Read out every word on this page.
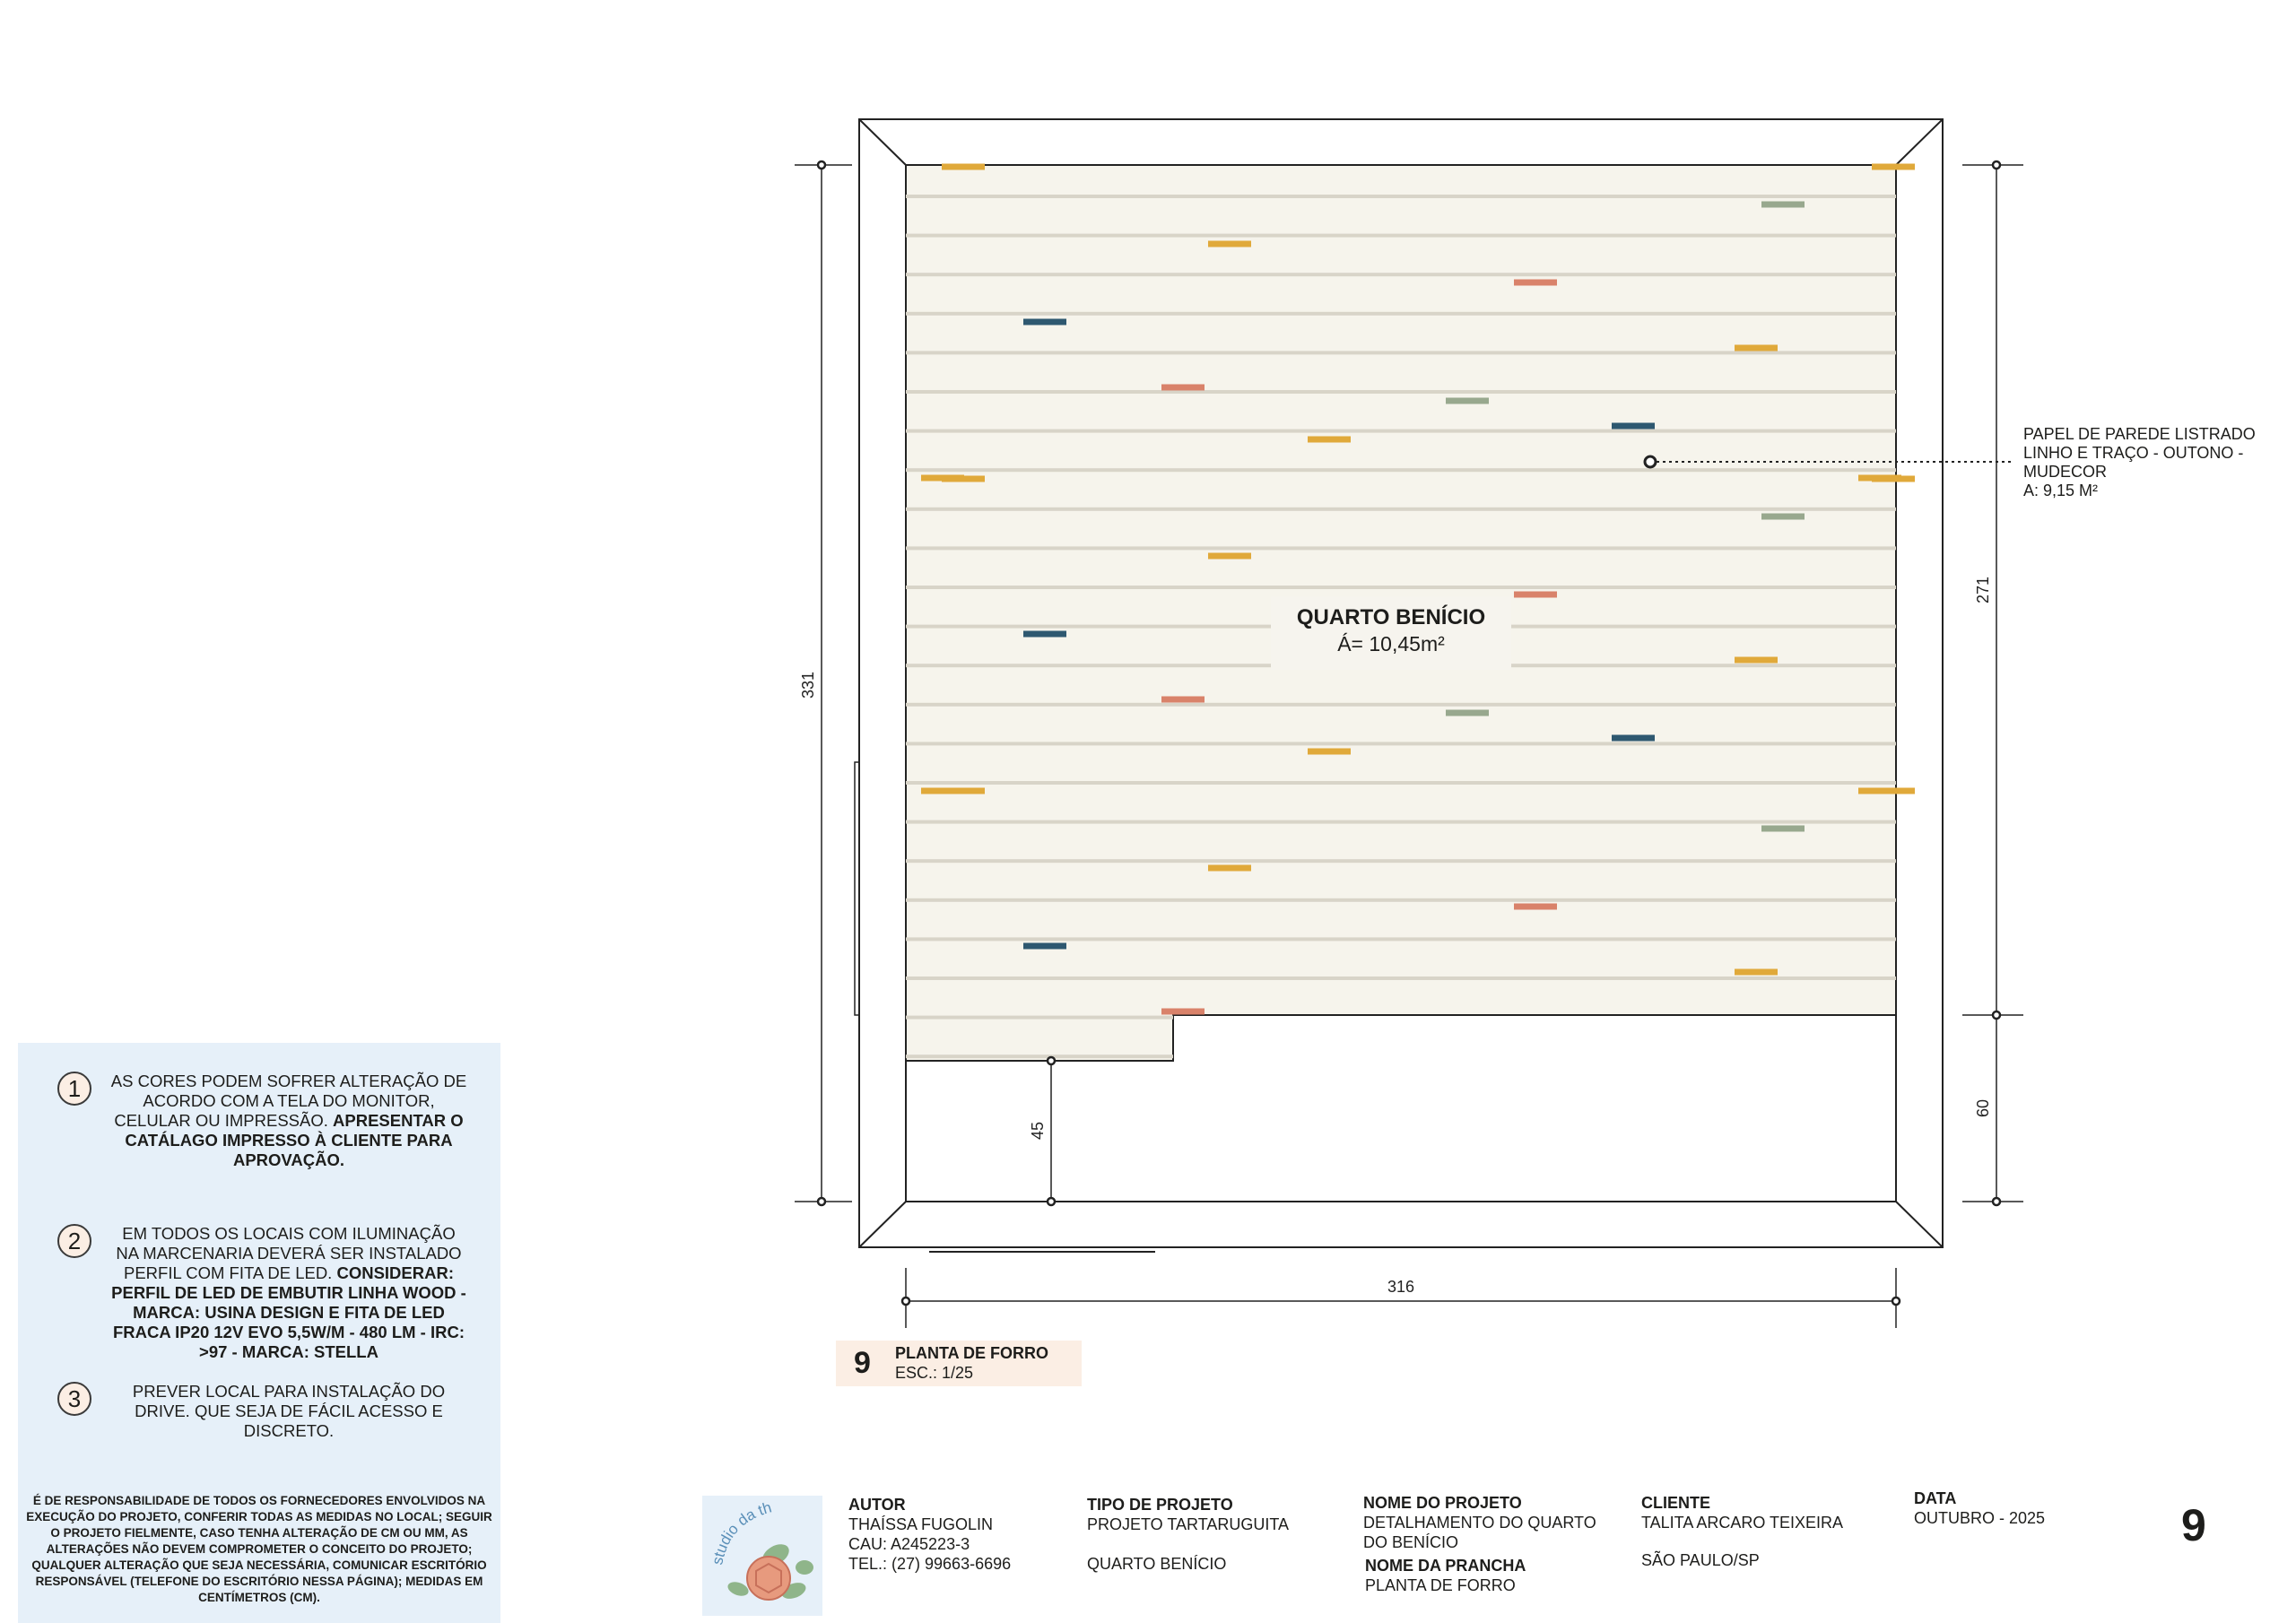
331
271
60
316
45
QUARTO BENÍCIO
Á= 10,45m²
PAPEL DE PAREDE LISTRADO
LINHO E TRAÇO - OUTONO -
MUDECOR
A: 9,15 M²
9 PLANTA DE FORRO
ESC.: 1/25
1	AS CORES PODEM SOFRER ALTERAÇÃO DE ACORDO COM A TELA DO MONITOR, CELULAR OU IMPRESSÃO. APRESENTAR O CATÁLAGO IMPRESSO À CLIENTE PARA APROVAÇÃO.
2	EM TODOS OS LOCAIS COM ILUMINAÇÃO NA MARCENARIA DEVERÁ SER INSTALADO PERFIL COM FITA DE LED. CONSIDERAR: PERFIL DE LED DE EMBUTIR LINHA WOOD - MARCA: USINA DESIGN E FITA DE LED FRACA IP20 12V EVO 5,5W/M - 480 LM - IRC: >97 - MARCA: STELLA
3	PREVER LOCAL PARA INSTALAÇÃO DO DRIVE. QUE SEJA DE FÁCIL ACESSO E DISCRETO.
É DE RESPONSABILIDADE DE TODOS OS FORNECEDORES ENVOLVIDOS NA EXECUÇÃO DO PROJETO, CONFERIR TODAS AS MEDIDAS NO LOCAL; SEGUIR O PROJETO FIELMENTE, CASO TENHA ALTERAÇÃO DE CM OU MM, AS ALTERAÇÕES NÃO DEVEM COMPROMETER O CONCEITO DO PROJETO; QUALQUER ALTERAÇÃO QUE SEJA NECESSÁRIA, COMUNICAR ESCRITÓRIO RESPONSÁVEL (TELEFONE DO ESCRITÓRIO NESSA PÁGINA); MEDIDAS EM CENTÍMETROS (CM).
studio da th	AUTOR
THAÍSSA FUGOLIN
CAU: A245223-3
TEL.: (27) 99663-6696
TIPO DE PROJETO
PROJETO TARTARUGUITA
QUARTO BENÍCIO
NOME DO PROJETO
DETALHAMENTO DO QUARTO
DO BENÍCIO
NOME DA PRANCHA
PLANTA DE FORRO
CLIENTE
TALITA ARCARO TEIXEIRA
SÃO PAULO/SP
DATA
OUTUBRO - 2025	9
